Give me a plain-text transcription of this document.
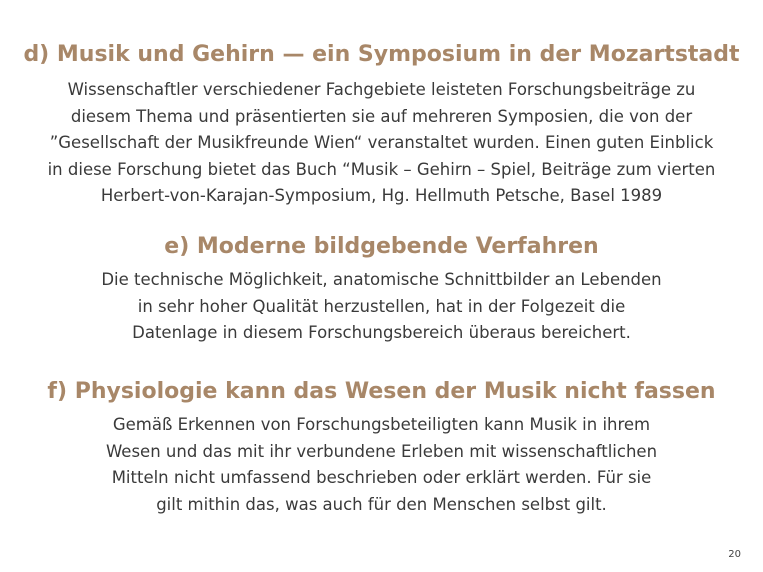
d) Musik und Gehirn — ein Symposium in der Mozartstadt

Wissenschaftler verschiedener Fachgebiete leisteten Forschungsbeiträge zu
diesem Thema und präsentierten sie auf mehreren Symposien, die von der
”Gesellschaft der Musikfreunde Wien“ veranstaltet wurden. Einen guten Einblick
in diese Forschung bietet das Buch “Musik – Gehirn – Spiel, Beiträge zum vierten
Herbert-von-Karajan-Symposium, Hg. Hellmuth Petsche, Basel 1989

e) Moderne bildgebende Verfahren

Die technische Möglichkeit, anatomische Schnittbilder an Lebenden
in sehr hoher Qualität herzustellen, hat in der Folgezeit die
Datenlage in diesem Forschungsbereich überaus bereichert.

f) Physiologie kann das Wesen der Musik nicht fassen

Gemäß Erkennen von Forschungsbeteiligten kann Musik in ihrem
Wesen und das mit ihr verbundene Erleben mit wissenschaftlichen
Mitteln nicht umfassend beschrieben oder erklärt werden. Für sie
gilt mithin das, was auch für den Menschen selbst gilt.

20
